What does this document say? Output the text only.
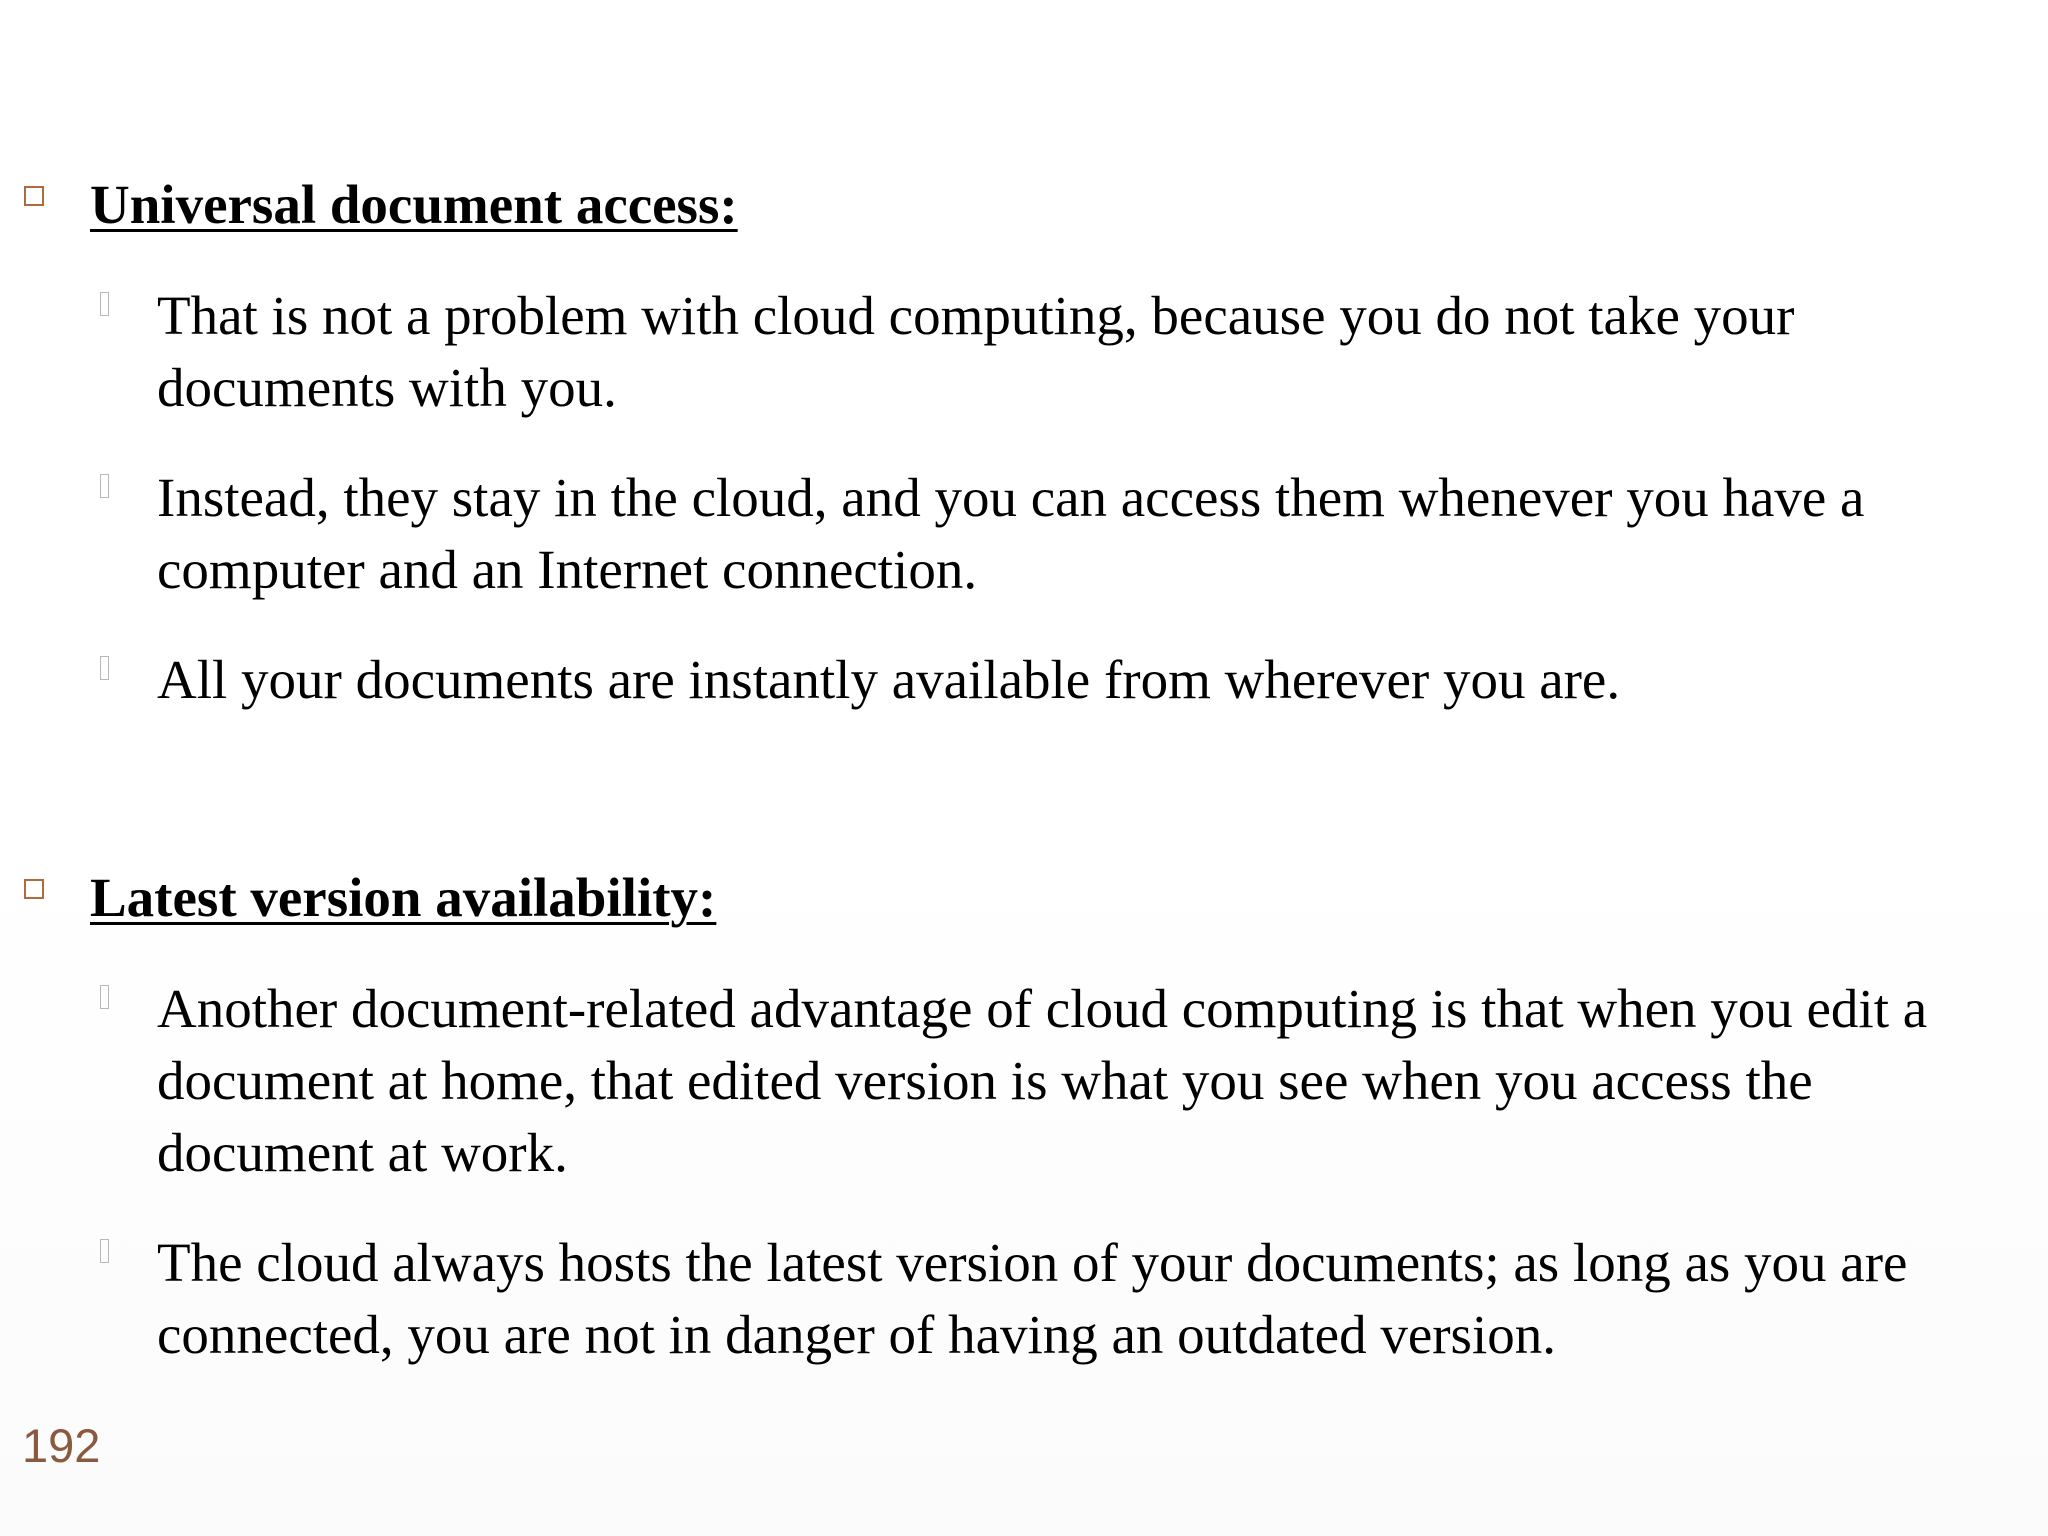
Universal document access:
That is not a problem with cloud computing, because you do not take your documents with you.
Instead, they stay in the cloud, and you can access them whenever you have a computer and an Internet connection.
All your documents are instantly available from wherever you are.
Latest version availability:
Another document-related advantage of cloud computing is that when you edit a document at home, that edited version is what you see when you access the document at work.
The cloud always hosts the latest version of your documents; as long as you are connected, you are not in danger of having an outdated version.
192
